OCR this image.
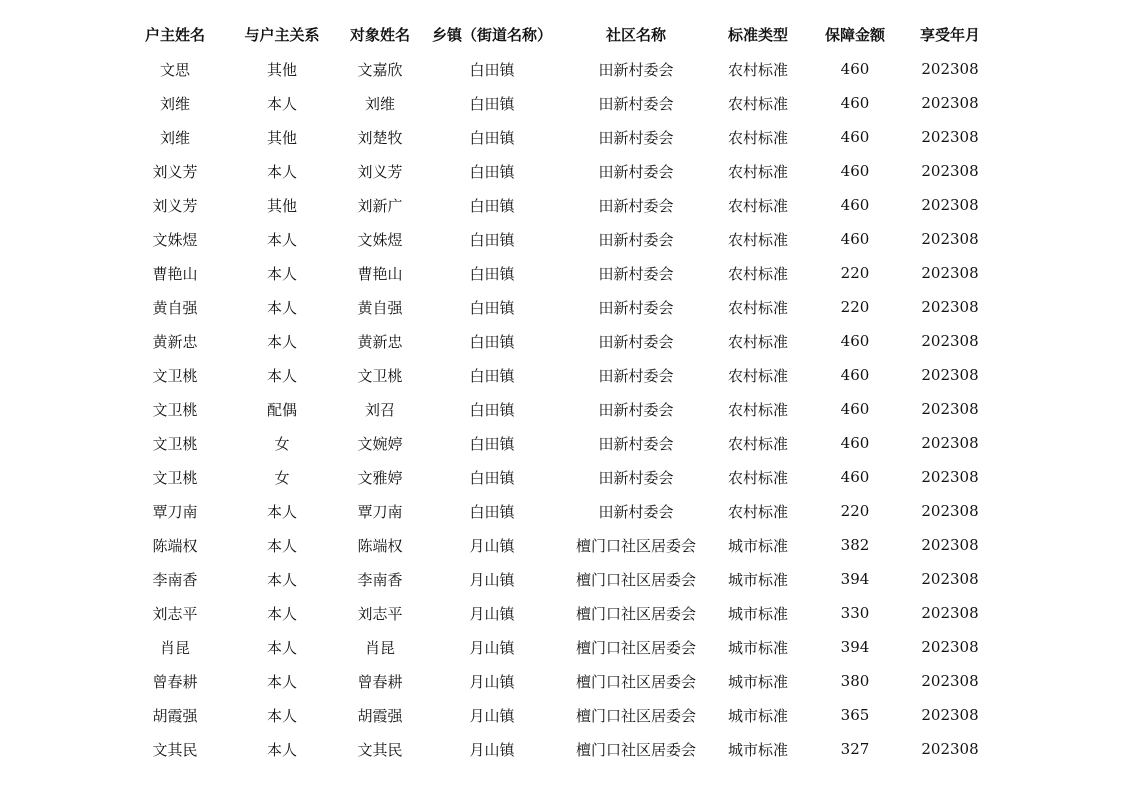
户主姓名	与户主关系	对象姓名	乡镇（街道名称）	社区名称	标准类型	保障金额	享受年月
文思	其他	文嘉欣	白田镇	田新村委会	农村标准	460	202308
刘维	本人	刘维	白田镇	田新村委会	农村标准	460	202308
刘维	其他	刘楚牧	白田镇	田新村委会	农村标准	460	202308
刘义芳	本人	刘义芳	白田镇	田新村委会	农村标准	460	202308
刘义芳	其他	刘新广	白田镇	田新村委会	农村标准	460	202308
文姝煜	本人	文姝煜	白田镇	田新村委会	农村标准	460	202308
曹艳山	本人	曹艳山	白田镇	田新村委会	农村标准	220	202308
黄自强	本人	黄自强	白田镇	田新村委会	农村标准	220	202308
黄新忠	本人	黄新忠	白田镇	田新村委会	农村标准	460	202308
文卫桃	本人	文卫桃	白田镇	田新村委会	农村标准	460	202308
文卫桃	配偶	刘召	白田镇	田新村委会	农村标准	460	202308
文卫桃	女	文婉婷	白田镇	田新村委会	农村标准	460	202308
文卫桃	女	文雅婷	白田镇	田新村委会	农村标准	460	202308
覃刀南	本人	覃刀南	白田镇	田新村委会	农村标准	220	202308
陈端权	本人	陈端权	月山镇	檀门口社区居委会	城市标准	382	202308
李南香	本人	李南香	月山镇	檀门口社区居委会	城市标准	394	202308
刘志平	本人	刘志平	月山镇	檀门口社区居委会	城市标准	330	202308
肖昆	本人	肖昆	月山镇	檀门口社区居委会	城市标准	394	202308
曾春耕	本人	曾春耕	月山镇	檀门口社区居委会	城市标准	380	202308
胡霞强	本人	胡霞强	月山镇	檀门口社区居委会	城市标准	365	202308
文其民	本人	文其民	月山镇	檀门口社区居委会	城市标准	327	202308
